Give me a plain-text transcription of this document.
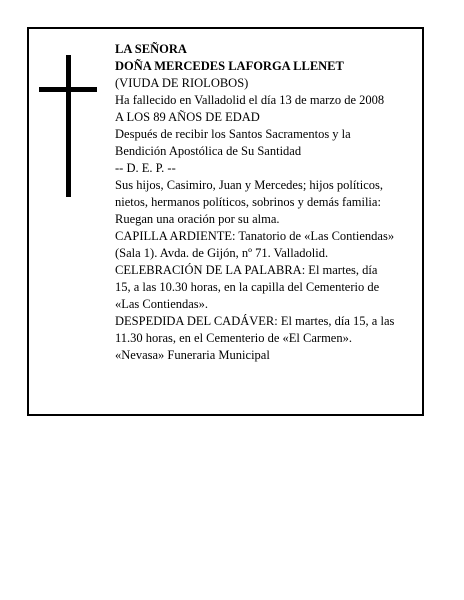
LA SEÑORA
DOÑA MERCEDES LAFORGA LLENET
(VIUDA DE RIOLOBOS)
Ha fallecido en Valladolid el día 13 de marzo de 2008
A LOS 89 AÑOS DE EDAD
Después de recibir los Santos Sacramentos y la
Bendición Apostólica de Su Santidad
-- D. E. P. --
Sus hijos, Casimiro, Juan y Mercedes; hijos políticos,
nietos, hermanos políticos, sobrinos y demás familia:
Ruegan una oración por su alma.
CAPILLA ARDIENTE: Tanatorio de «Las Contiendas»
(Sala 1). Avda. de Gijón, nº 71. Valladolid.
CELEBRACIÓN DE LA PALABRA: El martes, día
15, a las 10.30 horas, en la capilla del Cementerio de
«Las Contiendas».
DESPEDIDA DEL CADÁVER: El martes, día 15, a las
11.30 horas, en el Cementerio de «El Carmen».
«Nevasa» Funeraria Municipal
